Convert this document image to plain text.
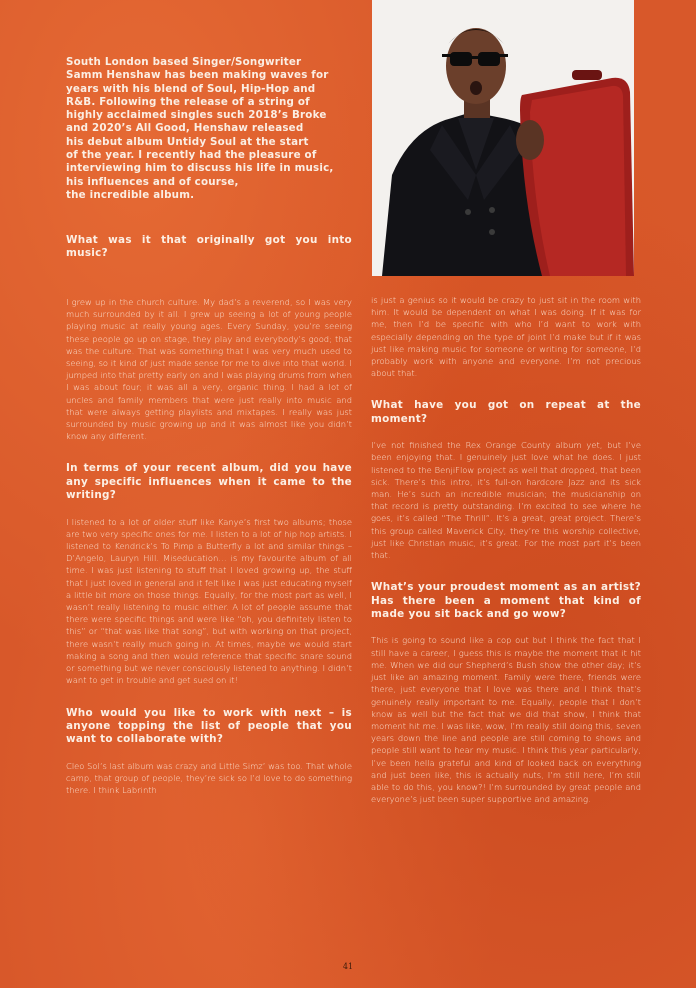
South London based Singer/Songwriter
Samm Henshaw has been making waves for
years with his blend of Soul, Hip-Hop and
R&B. Following the release of a string of
highly acclaimed singles such 2018’s Broke
and 2020’s All Good, Henshaw released
his debut album Untidy Soul at the start
of the year. I recently had the pleasure of
interviewing him to discuss his life in music,
his influences and of course,
the incredible album.

What was it that originally got you into music?

I grew up in the church culture. My dad’s a reverend, so I was very much surrounded by it all. I grew up seeing a lot of young people playing music at really young ages. Every Sunday, you’re seeing these people go up on stage, they play and everybody’s good; that was the culture. That was something that I was very much used to seeing, so it kind of just made sense for me to dive into that world. I jumped into that pretty early on and I was playing drums from when I was about four; it was all a very, organic thing. I had a lot of uncles and family members that were just really into music and that were always getting playlists and mixtapes. I really was just surrounded by music growing up and it was almost like you didn’t know any different.

In terms of your recent album, did you have any specific influences when it came to the writing?

I listened to a lot of older stuff like Kanye’s first two albums; those are two very specific ones for me. I listen to a lot of hip hop artists. I listened to Kendrick’s To Pimp a Butterfly a lot and similar things – D’Angelo, Lauryn Hill. Miseducation… is my favourite album of all time. I was just listening to stuff that I loved growing up, the stuff that I just loved in general and it felt like I was just educating myself a little bit more on those things. Equally, for the most part as well, I wasn’t really listening to music either. A lot of people assume that there were specific things and were like “oh, you definitely listen to this” or “that was like that song”, but with working on that project, there wasn’t really much going in. At times, maybe we would start making a song and then would reference that specific snare sound or something but we never consciously listened to anything. I didn’t want to get in trouble and get sued on it!

Who would you like to work with next – is anyone topping the list of people that you want to collaborate with?

Cleo Sol’s last album was crazy and Little Simz’ was too. That whole camp, that group of people, they’re sick so I’d love to do something there. I think Labrinth

is just a genius so it would be crazy to just sit in the room with him. It would be dependent on what I was doing. If it was for me, then I’d be specific with who I’d want to work with especially depending on the type of joint I’d make but if it was just like making music for someone or writing for someone, I’d probably work with anyone and everyone. I’m not precious about that.

What have you got on repeat at the moment?

I’ve not finished the Rex Orange County album yet, but I’ve been enjoying that. I genuinely just love what he does. I just listened to the BenjiFlow project as well that dropped, that been sick. There’s this intro, it’s full-on hardcore Jazz and its sick man. He’s such an incredible musician; the musicianship on that record is pretty outstanding. I’m excited to see where he goes, it’s called “The Thrill”. It’s a great, great project. There’s this group called Maverick City, they’re this worship collective, just like Christian music, it’s great. For the most part it’s been that.

What’s your proudest moment as an artist? Has there been a moment that kind of made you sit back and go wow?

This is going to sound like a cop out but I think the fact that I still have a career, I guess this is maybe the moment that it hit me. When we did our Shepherd’s Bush show the other day; it’s just like an amazing moment. Family were there, friends were there, just everyone that I love was there and I think that’s genuinely really important to me. Equally, people that I don’t know as well but the fact that we did that show, I think that moment hit me. I was like, wow, I’m really still doing this, seven years down the line and people are still coming to shows and people still want to hear my music. I think this year particularly, I’ve been hella grateful and kind of looked back on everything and just been like, this is actually nuts, I’m still here, I’m still able to do this, you know?! I’m surrounded by great people and everyone’s just been super supportive and amazing.

41
